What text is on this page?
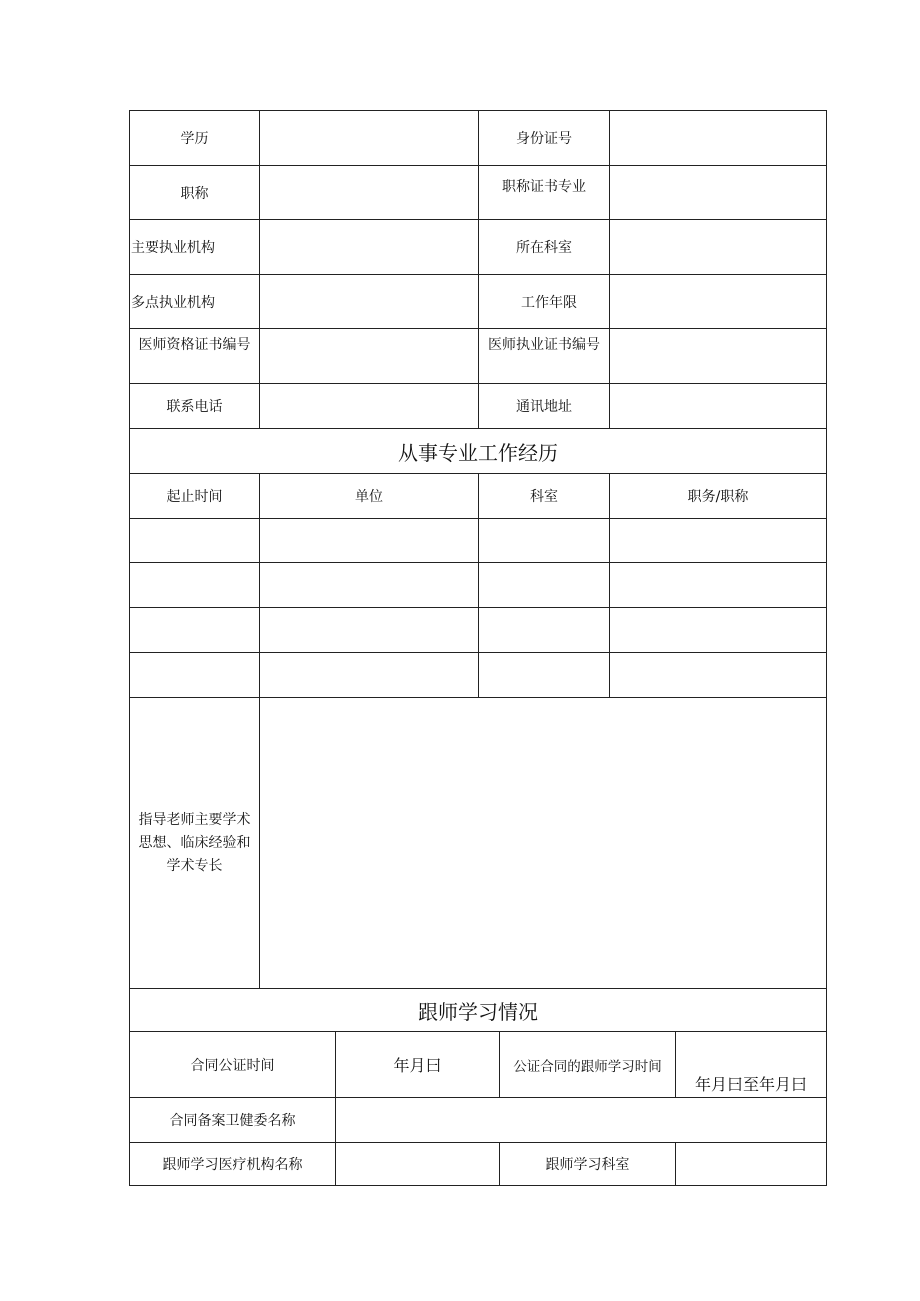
学历			身份证号			
职称			职称证书专业			
主要执业机构			所在科室			
多点执业机构			工作年限			
医师资格证书编号			医师执业证书编号			
联系电话			通讯地址			
从事专业工作经历						
起止时间	单位		科室		职务/职称	

指导老师主要学术思想、临床经验和学术专长						
跟师学习情况						
合同公证时间		年月曰		公证合同的跟师学习时间		年月曰至年月曰
合同备案卫健委名称						
跟师学习医疗机构名称				跟师学习科室		
